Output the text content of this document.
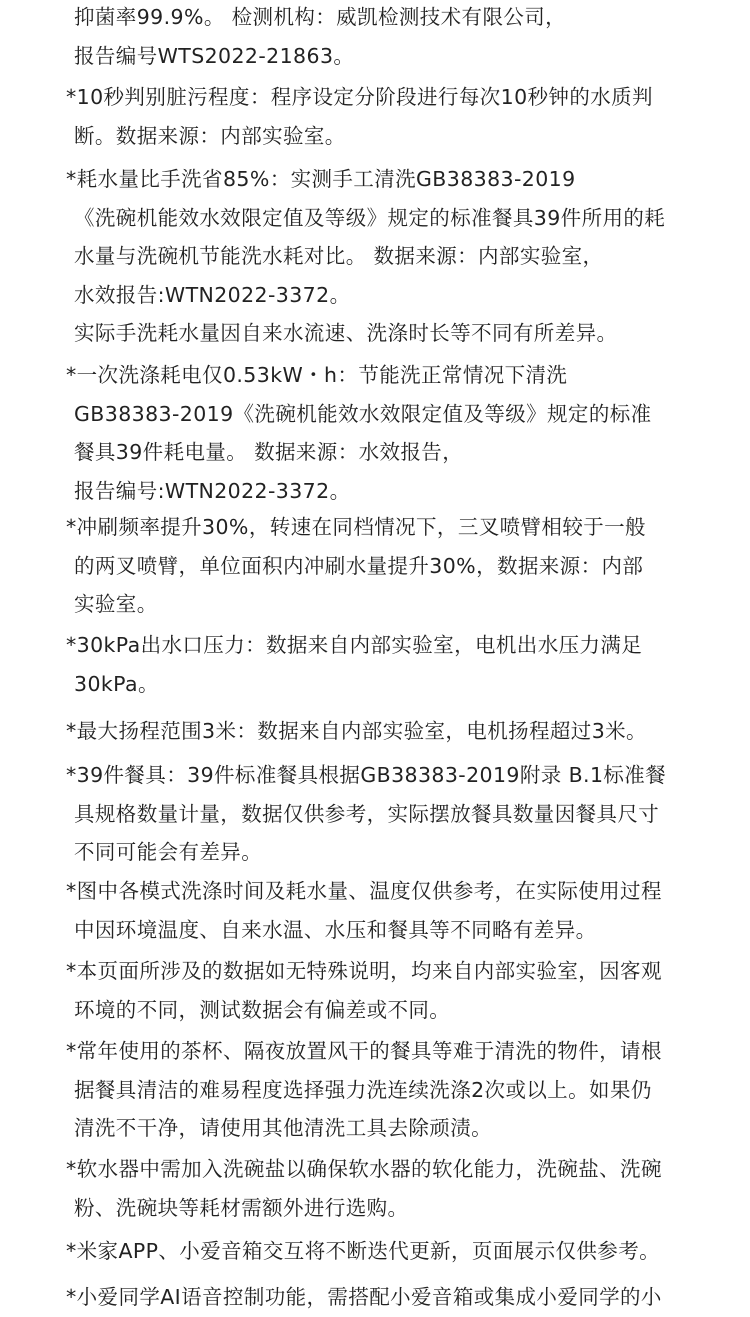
抑菌率99.9%。 检测机构：威凯检测技术有限公司，
报告编号WTS2022-21863。
*10秒判别脏污程度：程序设定分阶段进行每次10秒钟的水质判
断。数据来源：内部实验室。
*耗水量比手洗省85%：实测手工清洗GB38383-2019
《洗碗机能效水效限定值及等级》规定的标准餐具39件所用的耗
水量与洗碗机节能洗水耗对比。 数据来源：内部实验室，
水效报告:WTN2022-3372。
实际手洗耗水量因自来水流速、洗涤时长等不同有所差异。
*一次洗涤耗电仅0.53kW・h：节能洗正常情况下清洗
GB38383-2019《洗碗机能效水效限定值及等级》规定的标准
餐具39件耗电量。 数据来源：水效报告，
报告编号:WTN2022-3372。
*冲刷频率提升30%，转速在同档情况下，三叉喷臂相较于一般
的两叉喷臂，单位面积内冲刷水量提升30%，数据来源：内部
实验室。
*30kPa出水口压力：数据来自内部实验室，电机出水压力满足
30kPa。
*最大扬程范围3米：数据来自内部实验室，电机扬程超过3米。
*39件餐具：39件标准餐具根据GB38383-2019附录 B.1标准餐
具规格数量计量，数据仅供参考，实际摆放餐具数量因餐具尺寸
不同可能会有差异。
*图中各模式洗涤时间及耗水量、温度仅供参考，在实际使用过程
中因环境温度、自来水温、水压和餐具等不同略有差异。
*本页面所涉及的数据如无特殊说明，均来自内部实验室，因客观
环境的不同，测试数据会有偏差或不同。
*常年使用的茶杯、隔夜放置风干的餐具等难于清洗的物件，请根
据餐具清洁的难易程度选择强力洗连续洗涤2次或以上。如果仍
清洗不干净，请使用其他清洗工具去除顽渍。
*软水器中需加入洗碗盐以确保软水器的软化能力，洗碗盐、洗碗
粉、洗碗块等耗材需额外进行选购。
*米家APP、小爱音箱交互将不断迭代更新，页面展示仅供参考。
*小爱同学AI语音控制功能，需搭配小爱音箱或集成小爱同学的小
